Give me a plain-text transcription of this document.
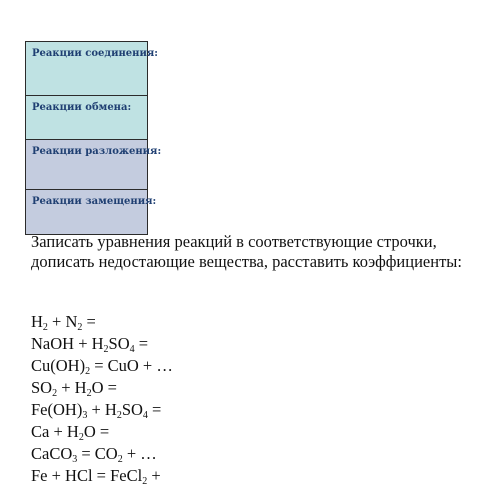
Реакции соединения:
Реакции обмена:
Реакции разложения:
Реакции замещения:
Записать уравнения реакций в соответствующие строчки, дописать недостающие вещества, расставить коэффициенты:
$H_2 + N_2$ =
NaOH + $H_2SO_4$ =
$Cu(OH)_2$ = CuO + …
$SO_2 + H_2O$ =
$Fe(OH)_3 + H_2SO_4$ =
$Ca + H_2O$ =
CaCO$_3$ = $CO_2$ + …
Fe + HCl = FeCl$_2$ +
